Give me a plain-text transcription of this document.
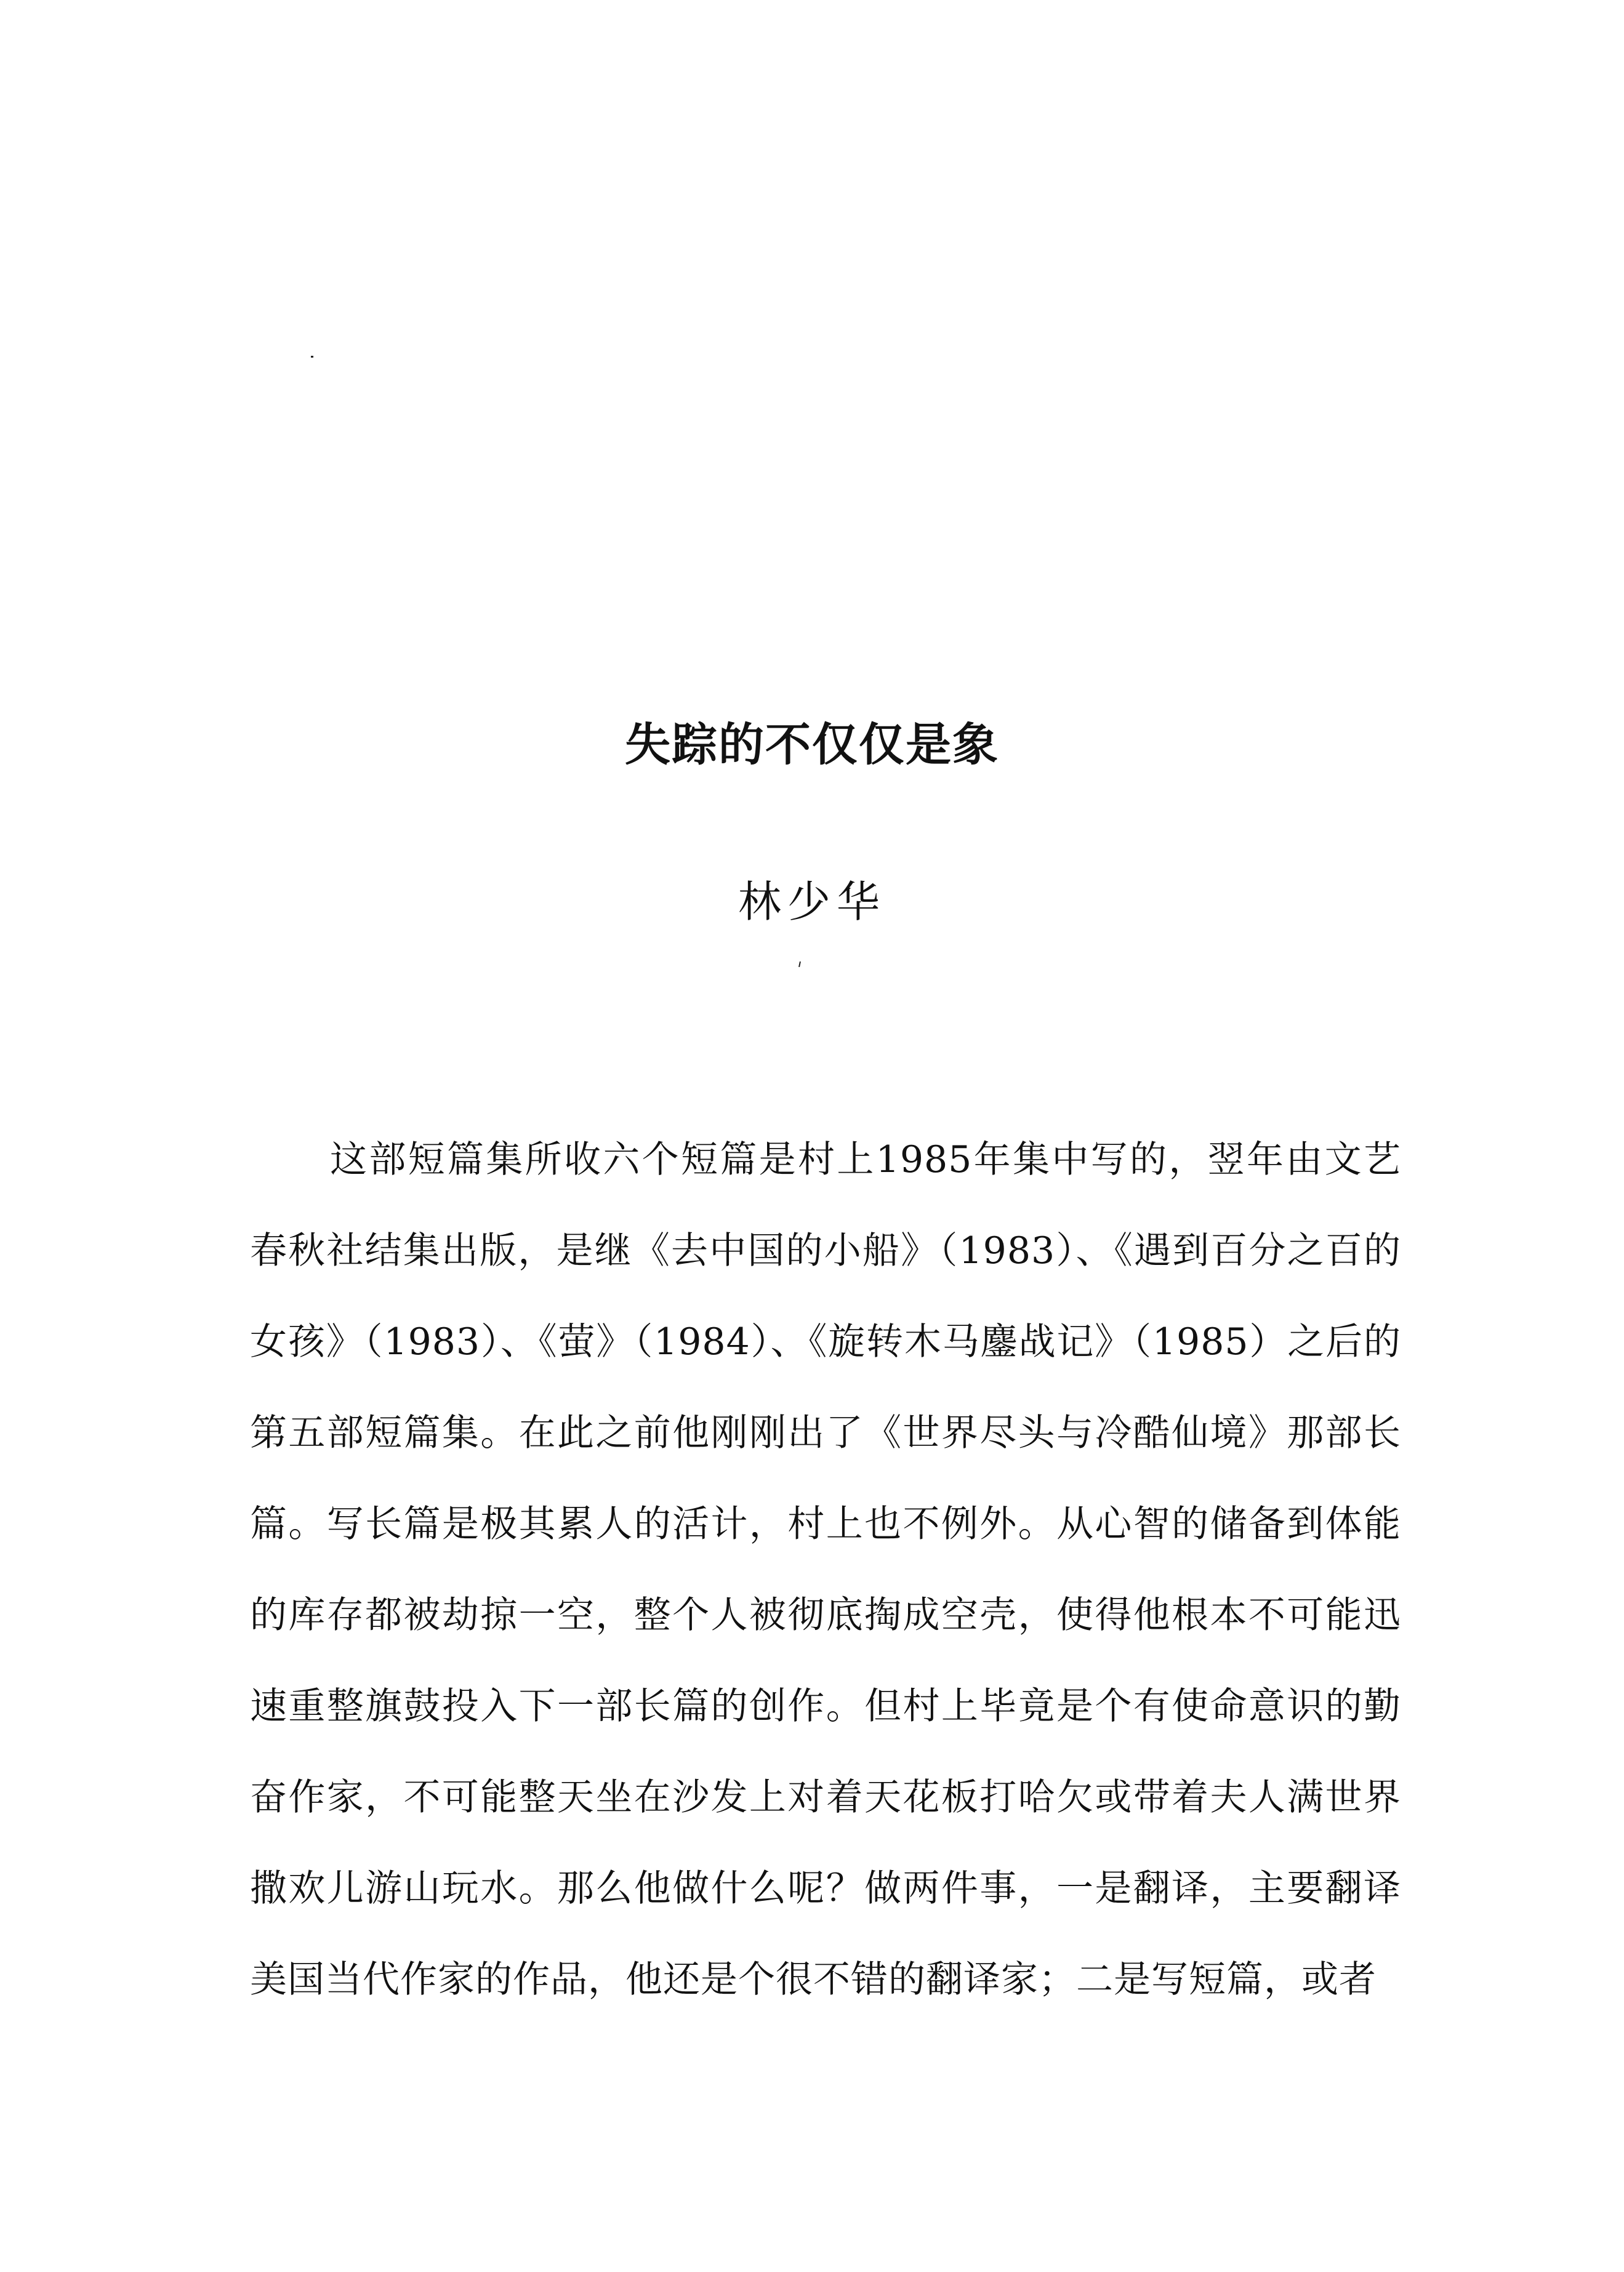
失踪的不仅仅是象
林少华

这部短篇集所收六个短篇是村上1985年集中写的，翌年由文艺春秋社结集出版，是继《去中国的小船》（1983）、《遇到百分之百的女孩》（1983）、《萤》（1984）、《旋转木马鏖战记》（1985）之后的第五部短篇集。在此之前他刚刚出了《世界尽头与冷酷仙境》那部长篇。写长篇是极其累人的活计，村上也不例外。从心智的储备到体能的库存都被劫掠一空，整个人被彻底掏成空壳，使得他根本不可能迅速重整旗鼓投入下一部长篇的创作。但村上毕竟是个有使命意识的勤奋作家，不可能整天坐在沙发上对着天花板打哈欠或带着夫人满世界撒欢儿游山玩水。那么他做什么呢？做两件事，一是翻译，主要翻译美国当代作家的作品，他还是个很不错的翻译家；二是写短篇，或者
